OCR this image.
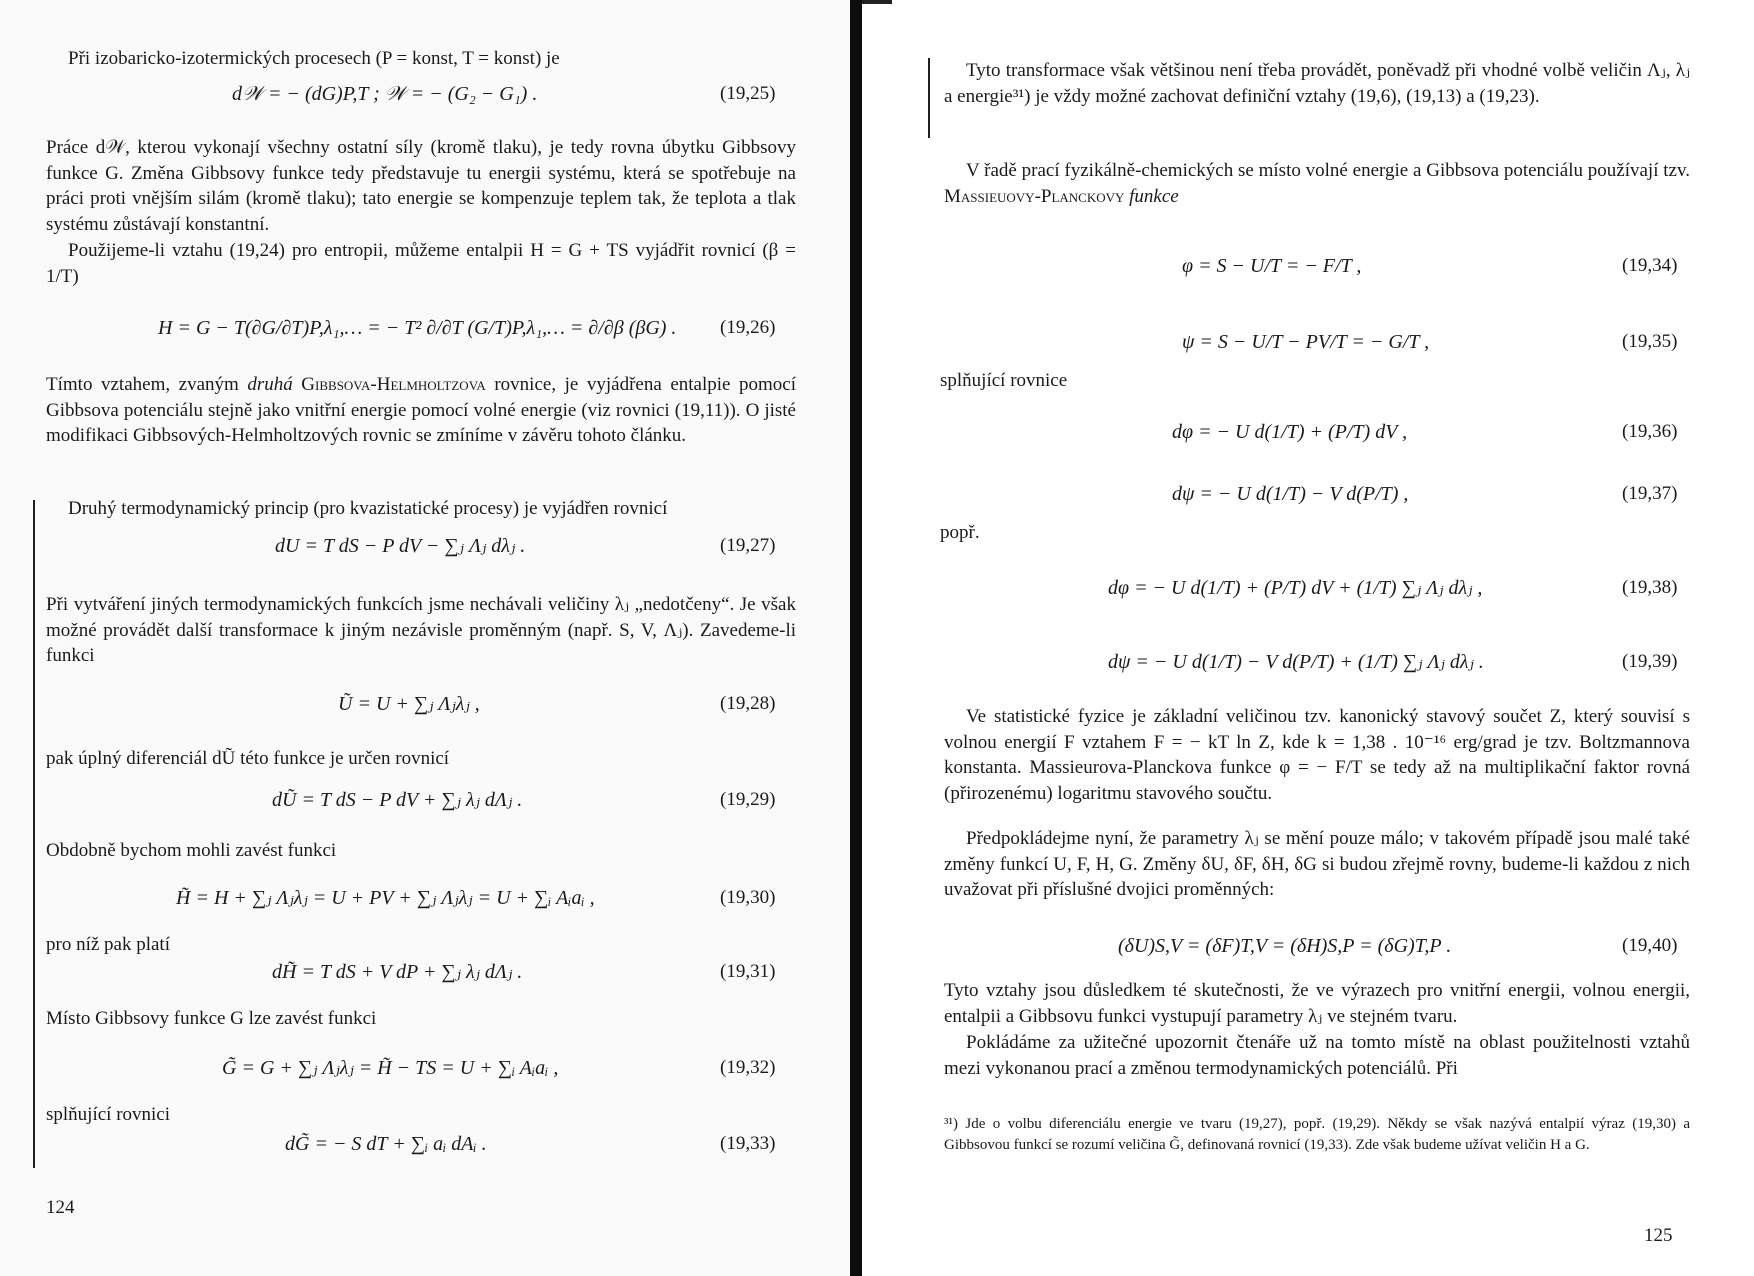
Při izobaricko-izotermických procesech (P = konst, T = konst) je

d𝒲 = − (dG)P,T ; 𝒲 = − (G₂ − G₁) .	(19,25)

Práce d𝒲, kterou vykonají všechny ostatní síly (kromě tlaku), je tedy rovna úbytku Gibbsovy funkce G. Změna Gibbsovy funkce tedy představuje tu energii systému, která se spotřebuje na práci proti vnějším silám (kromě tlaku); tato energie se kompenzuje teplem tak, že teplota a tlak systému zůstávají konstantní.

Použijeme-li vztahu (19,24) pro entropii, můžeme entalpii H = G + TS vyjádřit rovnicí (β = 1/T)

H = G − T(∂G/∂T)P,λ₁,… = − T² ∂/∂T (G/T)P,λ₁,… = ∂/∂β (βG) . (19,26)

Tímto vztahem, zvaným druhá Gibbsova-Helmholtzova rovnice, je vyjádřena entalpie pomocí Gibbsova potenciálu stejně jako vnitřní energie pomocí volné energie (viz rovnici (19,11)). O jisté modifikaci Gibbsových-Helmholtzových rovnic se zmíníme v závěru tohoto článku.

Druhý termodynamický princip (pro kvazistatické procesy) je vyjádřen rovnicí

dU = T dS − P dV − ∑ⱼ Λⱼ dλⱼ .	(19,27)

Při vytváření jiných termodynamických funkcích jsme nechávali veličiny λⱼ „nedotčeny“. Je však možné provádět další transformace k jiným nezávisle proměnným (např. S, V, Λⱼ). Zavedeme-li funkci

Ũ = U + ∑ⱼ Λⱼλⱼ ,	(19,28)

pak úplný diferenciál dŨ této funkce je určen rovnicí

dŨ = T dS − P dV + ∑ⱼ λⱼ dΛⱼ .	(19,29)

Obdobně bychom mohli zavést funkci

H̃ = H + ∑ⱼ Λⱼλⱼ = U + PV + ∑ⱼ Λⱼλⱼ = U + ∑ᵢ Aᵢaᵢ ,	(19,30)

pro níž pak platí

dH̃ = T dS + V dP + ∑ⱼ λⱼ dΛⱼ .	(19,31)

Místo Gibbsovy funkce G lze zavést funkci

G̃ = G + ∑ⱼ Λⱼλⱼ = H̃ − TS = U + ∑ᵢ Aᵢaᵢ ,	(19,32)

splňující rovnici

dG̃ = − S dT + ∑ᵢ aᵢ dAᵢ .	(19,33)

124

Tyto transformace však většinou není třeba provádět, poněvadž při vhodné volbě veličin Λⱼ, λⱼ a energie³¹) je vždy možné zachovat definiční vztahy (19,6), (19,13) a (19,23).

V řadě prací fyzikálně-chemických se místo volné energie a Gibbsova potenciálu používají tzv. Massieuovy-Planckovy funkce

φ = S − U/T = − F/T ,	(19,34)

ψ = S − U/T − PV/T = − G/T ,	(19,35)

splňující rovnice

dφ = − U d(1/T) + (P/T) dV ,	(19,36)

dψ = − U d(1/T) − V d(P/T) ,	(19,37)

popř.

dφ = − U d(1/T) + (P/T) dV + (1/T) ∑ⱼ Λⱼ dλⱼ ,	(19,38)

dψ = − U d(1/T) − V d(P/T) + (1/T) ∑ⱼ Λⱼ dλⱼ .	(19,39)

Ve statistické fyzice je základní veličinou tzv. kanonický stavový součet Z, který souvisí s volnou energií F vztahem F = − kT ln Z, kde k = 1,38 . 10⁻¹⁶ erg/grad je tzv. Boltzmannova konstanta. Massieurova-Planckova funkce φ = − F/T se tedy až na multiplikační faktor rovná (přirozenému) logaritmu stavového součtu.

Předpokládejme nyní, že parametry λⱼ se mění pouze málo; v takovém případě jsou malé také změny funkcí U, F, H, G. Změny δU, δF, δH, δG si budou zřejmě rovny, budeme-li každou z nich uvažovat při příslušné dvojici proměnných:

(δU)S,V = (δF)T,V = (δH)S,P = (δG)T,P .	(19,40)

Tyto vztahy jsou důsledkem té skutečnosti, že ve výrazech pro vnitřní energii, volnou energii, entalpii a Gibbsovu funkci vystupují parametry λⱼ ve stejném tvaru.

Pokládáme za užitečné upozornit čtenáře už na tomto místě na oblast použitelnosti vztahů mezi vykonanou prací a změnou termodynamických potenciálů. Při

³¹) Jde o volbu diferenciálu energie ve tvaru (19,27), popř. (19,29). Někdy se však nazývá entalpií výraz (19,30) a Gibbsovou funkcí se rozumí veličina G̃, definovaná rovnicí (19,33). Zde však budeme užívat veličin H a G.

125
